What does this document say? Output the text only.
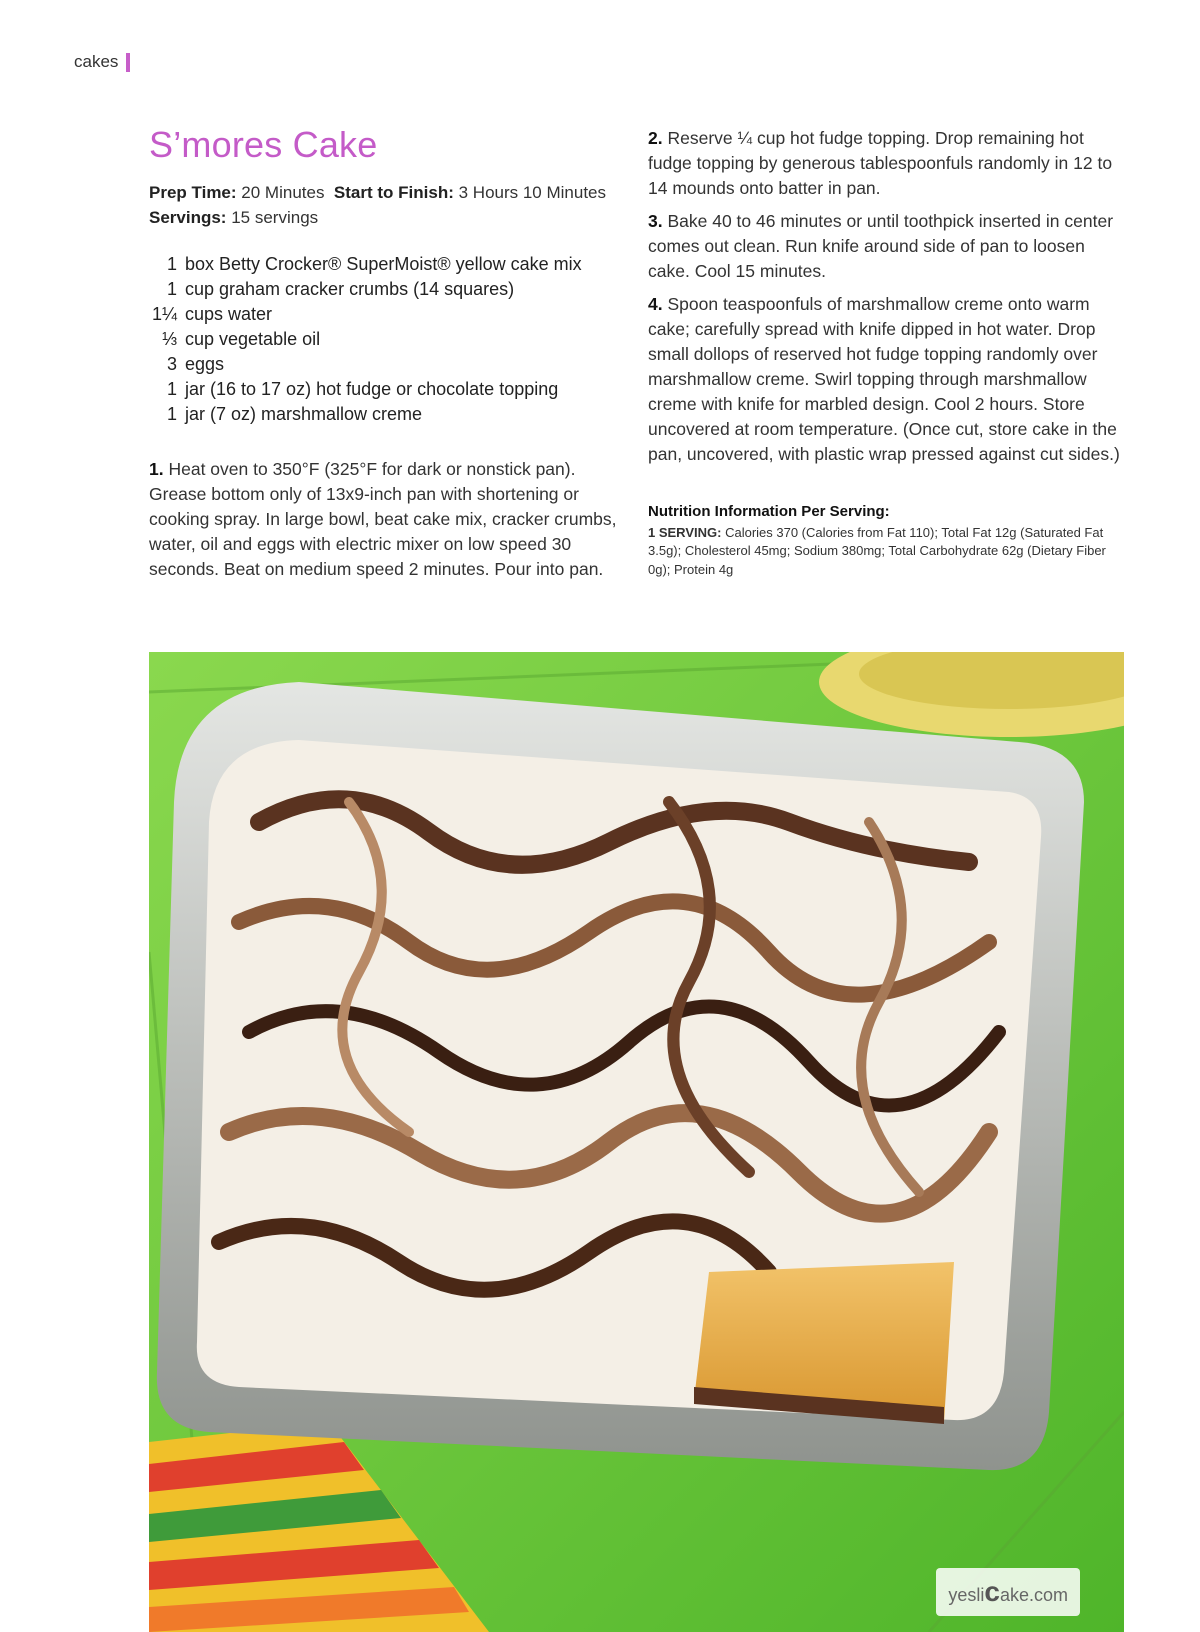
cakes
S’mores Cake
Prep Time: 20 Minutes Start to Finish: 3 Hours 10 Minutes
Servings: 15 servings
1 box Betty Crocker® SuperMoist® yellow cake mix
1 cup graham cracker crumbs (14 squares)
1¼ cups water
⅓ cup vegetable oil
3 eggs
1 jar (16 to 17 oz) hot fudge or chocolate topping
1 jar (7 oz) marshmallow creme

1. Heat oven to 350°F (325°F for dark or nonstick pan). Grease bottom only of 13x9-inch pan with shortening or cooking spray. In large bowl, beat cake mix, cracker crumbs, water, oil and eggs with electric mixer on low speed 30 seconds. Beat on medium speed 2 minutes. Pour into pan.

2. Reserve ¼ cup hot fudge topping. Drop remaining hot fudge topping by generous tablespoonfuls randomly in 12 to 14 mounds onto batter in pan.

3. Bake 40 to 46 minutes or until toothpick inserted in center comes out clean. Run knife around side of pan to loosen cake. Cool 15 minutes.

4. Spoon teaspoonfuls of marshmallow creme onto warm cake; carefully spread with knife dipped in hot water. Drop small dollops of reserved hot fudge topping randomly over marshmallow creme. Swirl topping through marshmallow creme with knife for marbled design. Cool 2 hours. Store uncovered at room temperature. (Once cut, store cake in the pan, uncovered, with plastic wrap pressed against cut sides.)

Nutrition Information Per Serving:
1 SERVING: Calories 370 (Calories from Fat 110); Total Fat 12g (Saturated Fat 3.5g); Cholesterol 45mg; Sodium 380mg; Total Carbohydrate 62g (Dietary Fiber 0g); Protein 4g
yeslicake.com
